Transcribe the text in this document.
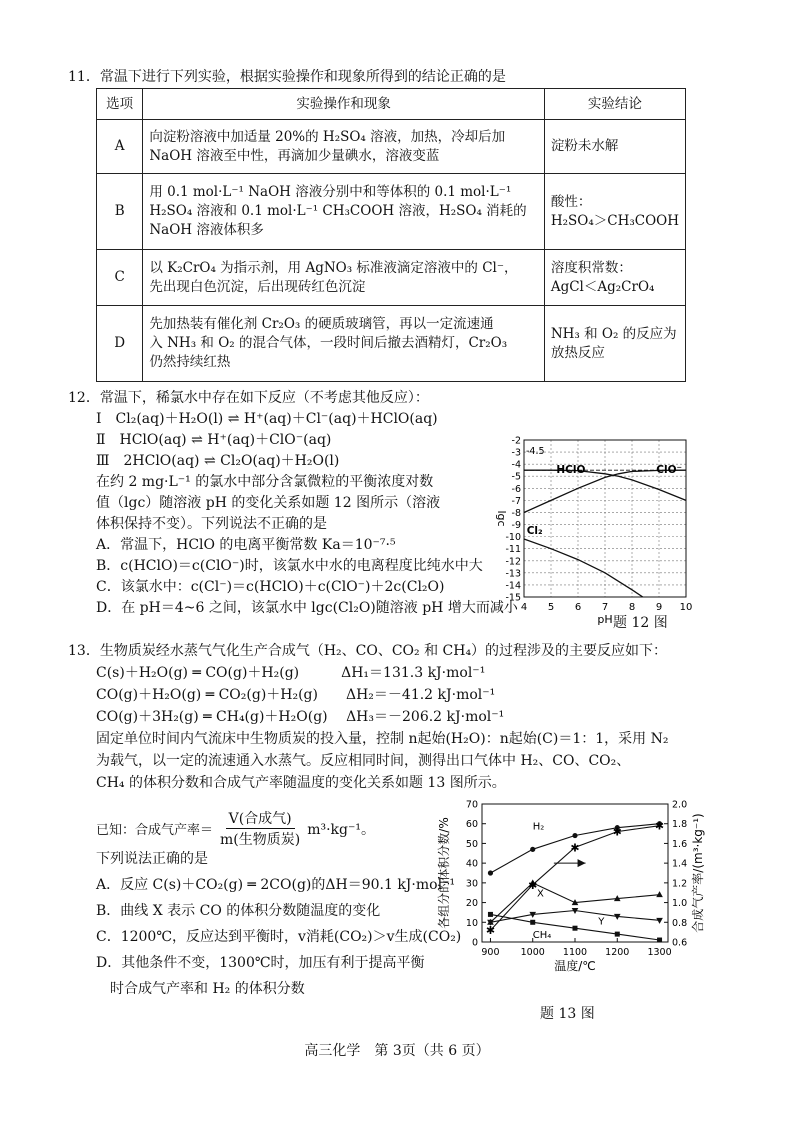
11．常温下进行下列实验，根据实验操作和现象所得到的结论正确的是
选项	实验操作和现象	实验结论
A	向淀粉溶液中加适量 20%的 H₂SO₄ 溶液，加热，冷却后加
NaOH 溶液至中性，再滴加少量碘水，溶液变蓝	淀粉未水解

B	用 0.1 mol·L⁻¹ NaOH 溶液分别中和等体积的 0.1 mol·L⁻¹
H₂SO₄ 溶液和 0.1 mol·L⁻¹ CH₃COOH 溶液，H₂SO₄ 消耗的
NaOH 溶液体积多	酸性：
H₂SO₄＞CH₃COOH

C	以 K₂CrO₄ 为指示剂，用 AgNO₃ 标准液滴定溶液中的 Cl⁻，
先出现白色沉淀，后出现砖红色沉淀	溶度积常数：
AgCl＜Ag₂CrO₄

D	先加热装有催化剂 Cr₂O₃ 的硬质玻璃管，再以一定流速通
入 NH₃ 和 O₂ 的混合气体，一段时间后撤去酒精灯，Cr₂O₃
仍然持续红热	NH₃ 和 O₂ 的反应为
放热反应
12．常温下，稀氯水中存在如下反应（不考虑其他反应）：
Ⅰ　Cl₂(aq)＋H₂O(l) ⇌ H⁺(aq)＋Cl⁻(aq)＋HClO(aq)
Ⅱ　HClO(aq) ⇌ H⁺(aq)＋ClO⁻(aq)
Ⅲ　2HClO(aq) ⇌ Cl₂O(aq)＋H₂O(l)
在约 2 mg·L⁻¹ 的氯水中部分含氯微粒的平衡浓度对数
值（lgc）随溶液 pH 的变化关系如题 12 图所示（溶液
体积保持不变）。下列说法不正确的是
A．常温下，HClO 的电离平衡常数 Ka＝10⁻⁷·⁵
B．c(HClO)＝c(ClO⁻)时，该氯水中水的电离程度比纯水中大
C．该氯水中：c(Cl⁻)＝c(HClO)＋c(ClO⁻)＋2c(Cl₂O)
D．在 pH＝4~6 之间，该氯水中 lgc(Cl₂O)随溶液 pH 增大而减小 4 5 6 7 8 9 10
-2
-3
-4
-5
-6
-7
-8
-9
-10
-11
-12
-13
-14
-15
pH
lgc
-4.5
HClO	ClO⁻
Cl₂
题 12 图
13．生物质炭经水蒸气气化生产合成气（H₂、CO、CO₂ 和 CH₄）的过程涉及的主要反应如下：
C(s)＋H₂O(g) ═ CO(g)＋H₂(g)　　　ΔH₁＝131.3 kJ·mol⁻¹
CO(g)＋H₂O(g) ═ CO₂(g)＋H₂(g)　　ΔH₂＝－41.2 kJ·mol⁻¹
CO(g)＋3H₂(g) ═ CH₄(g)＋H₂O(g)　 ΔH₃＝－206.2 kJ·mol⁻¹
固定单位时间内气流床中生物质炭的投入量，控制 n起始(H₂O)：n起始(C)＝1：1，采用 N₂
为载气，以一定的流速通入水蒸气。反应相同时间，测得出口气体中 H₂、CO、CO₂、
CH₄ 的体积分数和合成气产率随温度的变化关系如题 13 图所示。
已知：合成气产率＝
V(合成气)
m(生物质炭)
m³·kg⁻¹。
下列说法正确的是
A．反应 C(s)＋CO₂(g) ═ 2CO(g)的ΔH＝90.1 kJ·mol⁻¹
B．曲线 X 表示 CO 的体积分数随温度的变化
C．1200℃，反应达到平衡时，v消耗(CO₂)＞v生成(CO₂)
D．其他条件不变，1300℃时，加压有利于提高平衡
　时合成气产率和 H₂ 的体积分数
0
10
20
30
40
50
60
70
0.6
0.8
1.0
1.2
1.4
1.6
1.8
2.0
900 1000 1100 1200 1300
温度/℃
各组分的体积分数/%	合成气产率/(m³·kg⁻¹)
✱
✱
✱
✱	✱
H₂
X
Y
CH₄
题 13 图
高三化学　第 3页（共 6 页）
